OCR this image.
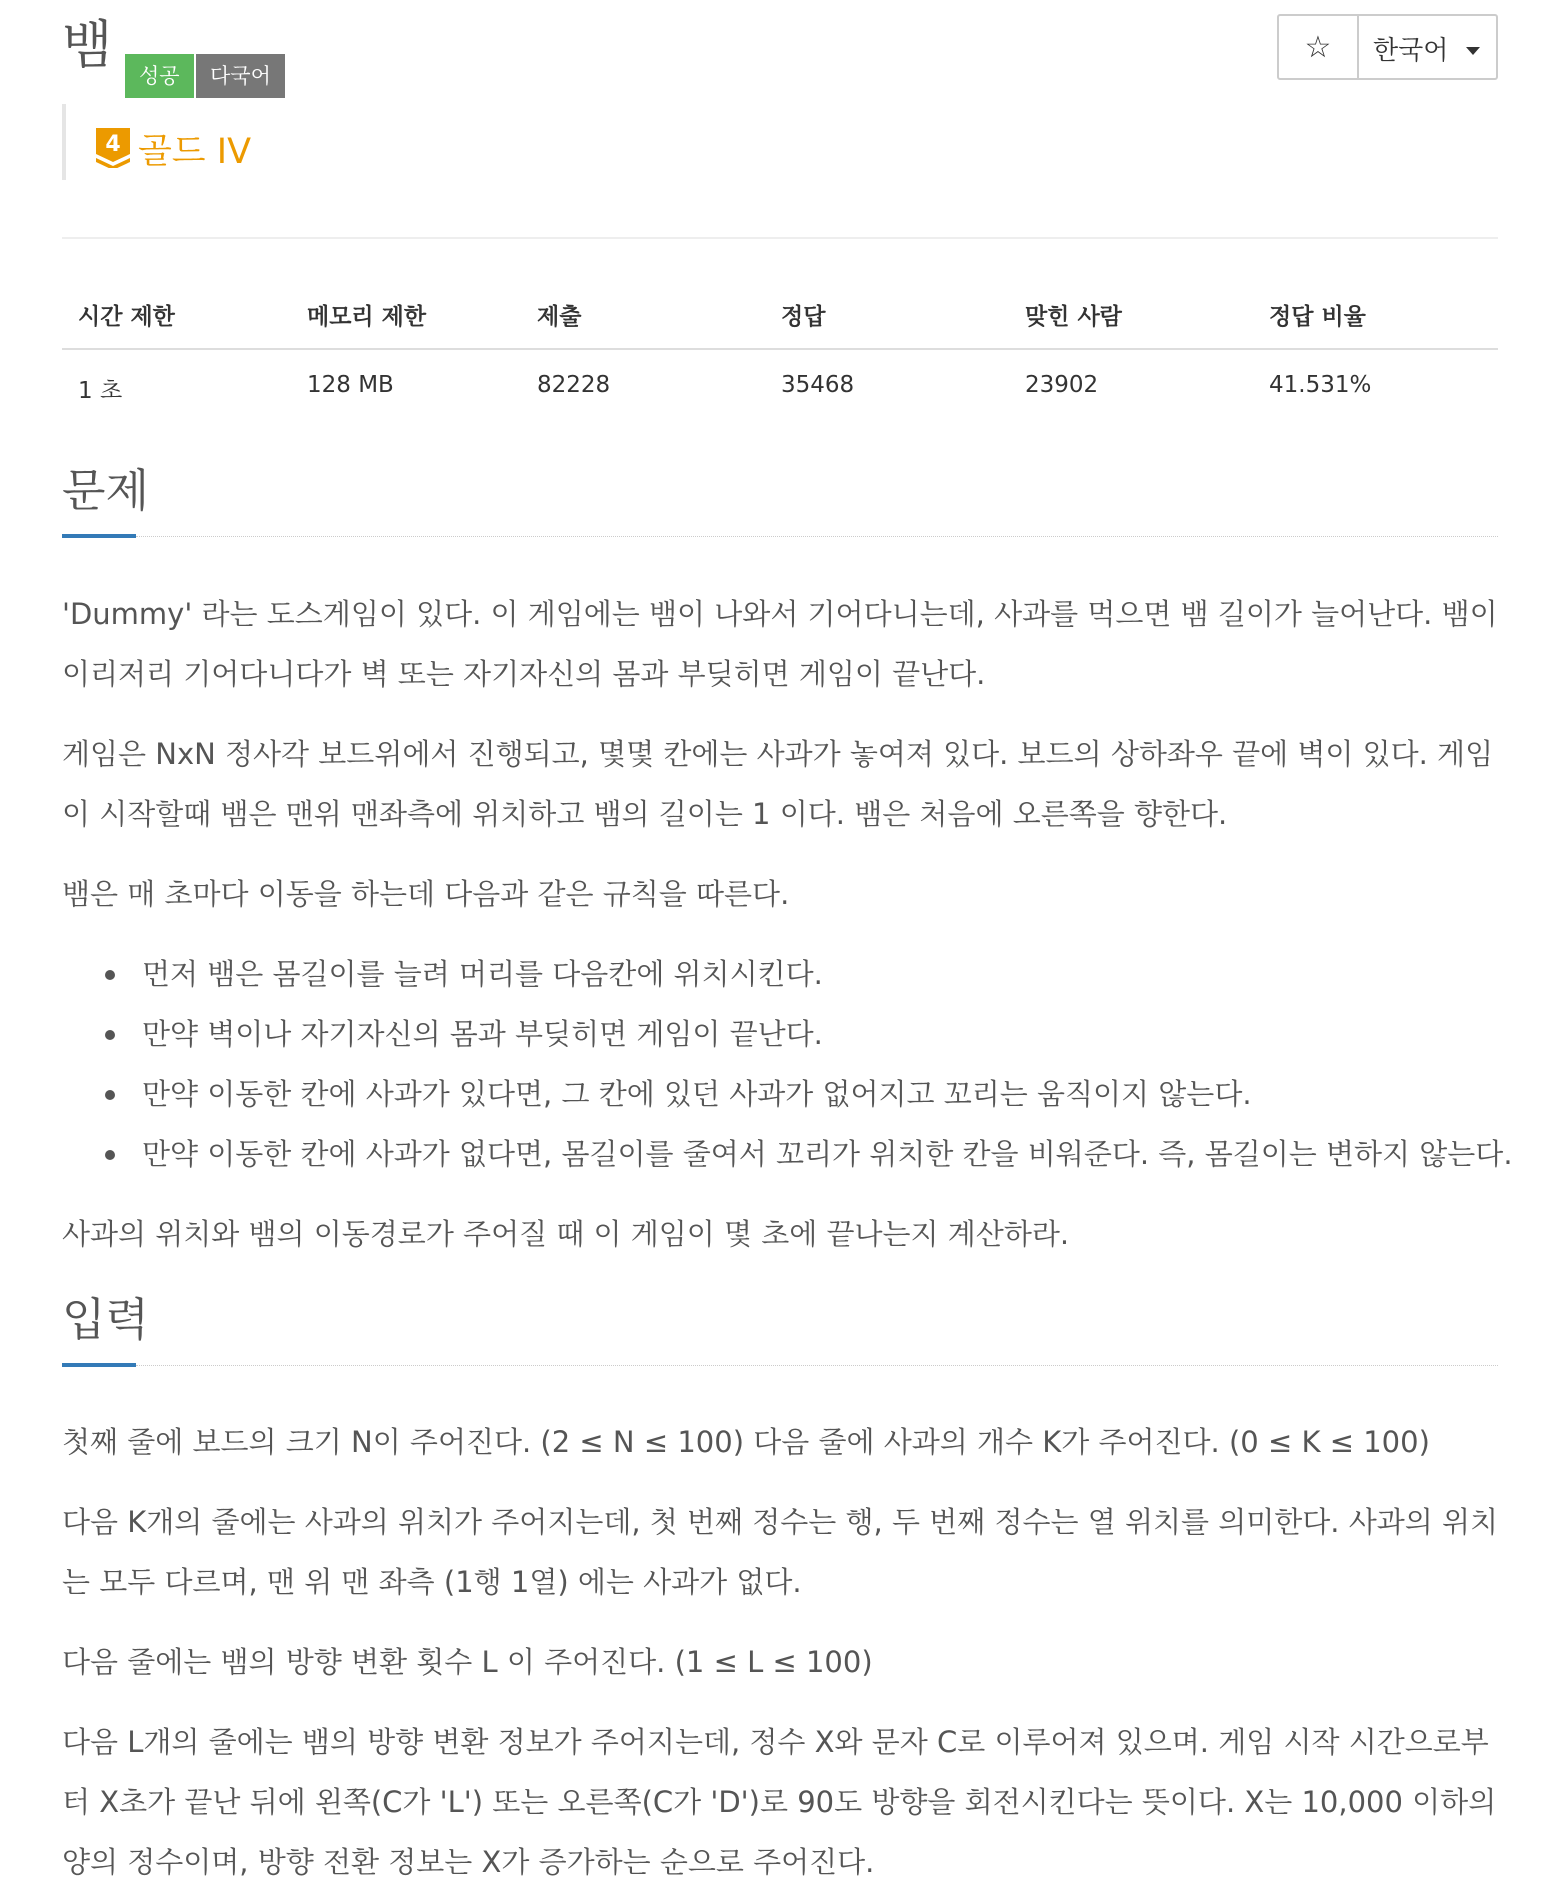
뱀	성공	다국어
☆ 한국어
4 골드 IV
시간 제한	메모리 제한	제출	정답	맞힌 사람	정답 비율
1 초	128 MB	82228	35468	23902	41.531%
문제
'Dummy' 라는 도스게임이 있다. 이 게임에는 뱀이 나와서 기어다니는데, 사과를 먹으면 뱀 길이가 늘어난다. 뱀이 이리저리 기어다니다가 벽 또는 자기자신의 몸과 부딪히면 게임이 끝난다.
게임은 NxN 정사각 보드위에서 진행되고, 몇몇 칸에는 사과가 놓여져 있다. 보드의 상하좌우 끝에 벽이 있다. 게임이 시작할때 뱀은 맨위 맨좌측에 위치하고 뱀의 길이는 1 이다. 뱀은 처음에 오른쪽을 향한다.
뱀은 매 초마다 이동을 하는데 다음과 같은 규칙을 따른다.
먼저 뱀은 몸길이를 늘려 머리를 다음칸에 위치시킨다.
만약 벽이나 자기자신의 몸과 부딪히면 게임이 끝난다.
만약 이동한 칸에 사과가 있다면, 그 칸에 있던 사과가 없어지고 꼬리는 움직이지 않는다.
만약 이동한 칸에 사과가 없다면, 몸길이를 줄여서 꼬리가 위치한 칸을 비워준다. 즉, 몸길이는 변하지 않는다.
사과의 위치와 뱀의 이동경로가 주어질 때 이 게임이 몇 초에 끝나는지 계산하라.
입력
첫째 줄에 보드의 크기 N이 주어진다. (2 ≤ N ≤ 100) 다음 줄에 사과의 개수 K가 주어진다. (0 ≤ K ≤ 100)
다음 K개의 줄에는 사과의 위치가 주어지는데, 첫 번째 정수는 행, 두 번째 정수는 열 위치를 의미한다. 사과의 위치는 모두 다르며, 맨 위 맨 좌측 (1행 1열) 에는 사과가 없다.
다음 줄에는 뱀의 방향 변환 횟수 L 이 주어진다. (1 ≤ L ≤ 100)
다음 L개의 줄에는 뱀의 방향 변환 정보가 주어지는데, 정수 X와 문자 C로 이루어져 있으며. 게임 시작 시간으로부터 X초가 끝난 뒤에 왼쪽(C가 'L') 또는 오른쪽(C가 'D')로 90도 방향을 회전시킨다는 뜻이다. X는 10,000 이하의 양의 정수이며, 방향 전환 정보는 X가 증가하는 순으로 주어진다.
